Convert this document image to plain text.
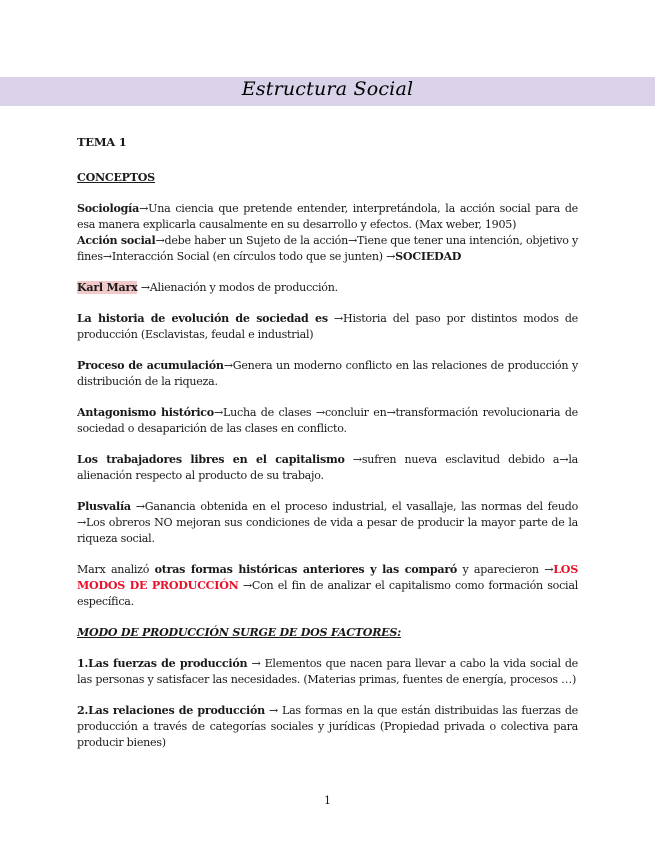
Estructura Social

TEMA 1

CONCEPTOS

Sociología→Una ciencia que pretende entender, interpretándola, la acción social para de esa manera explicarla causalmente en su desarrollo y efectos. (Max weber, 1905)

Acción social→debe haber un Sujeto de la acción→Tiene que tener una intención, objetivo y fines→Interacción Social (en círculos todo que se junten) →SOCIEDAD

Karl Marx →Alienación y modos de producción.

La historia de evolución de sociedad es →Historia del paso por distintos modos de producción (Esclavistas, feudal e industrial)

Proceso de acumulación→Genera un moderno conflicto en las relaciones de producción y distribución de la riqueza.

Antagonismo histórico→Lucha de clases →concluir en→transformación revolucionaria de sociedad o desaparición de las clases en conflicto.

Los trabajadores libres en el capitalismo →sufren nueva esclavitud debido a→la alienación respecto al producto de su trabajo.

Plusvalía →Ganancia obtenida en el proceso industrial, el vasallaje, las normas del feudo →Los obreros NO mejoran sus condiciones de vida a pesar de producir la mayor parte de la riqueza social.

Marx analizó otras formas históricas anteriores y las comparó y aparecieron →LOS MODOS DE PRODUCCIÓN →Con el fin de analizar el capitalismo como formación social específica.

MODO DE PRODUCCIÓN SURGE DE DOS FACTORES:

1.Las fuerzas de producción → Elementos que nacen para llevar a cabo la vida social de las personas y satisfacer las necesidades. (Materias primas, fuentes de energía, procesos …)

2.Las relaciones de producción → Las formas en la que están distribuidas las fuerzas de producción a través de categorías sociales y jurídicas (Propiedad privada o colectiva para producir bienes)

1
